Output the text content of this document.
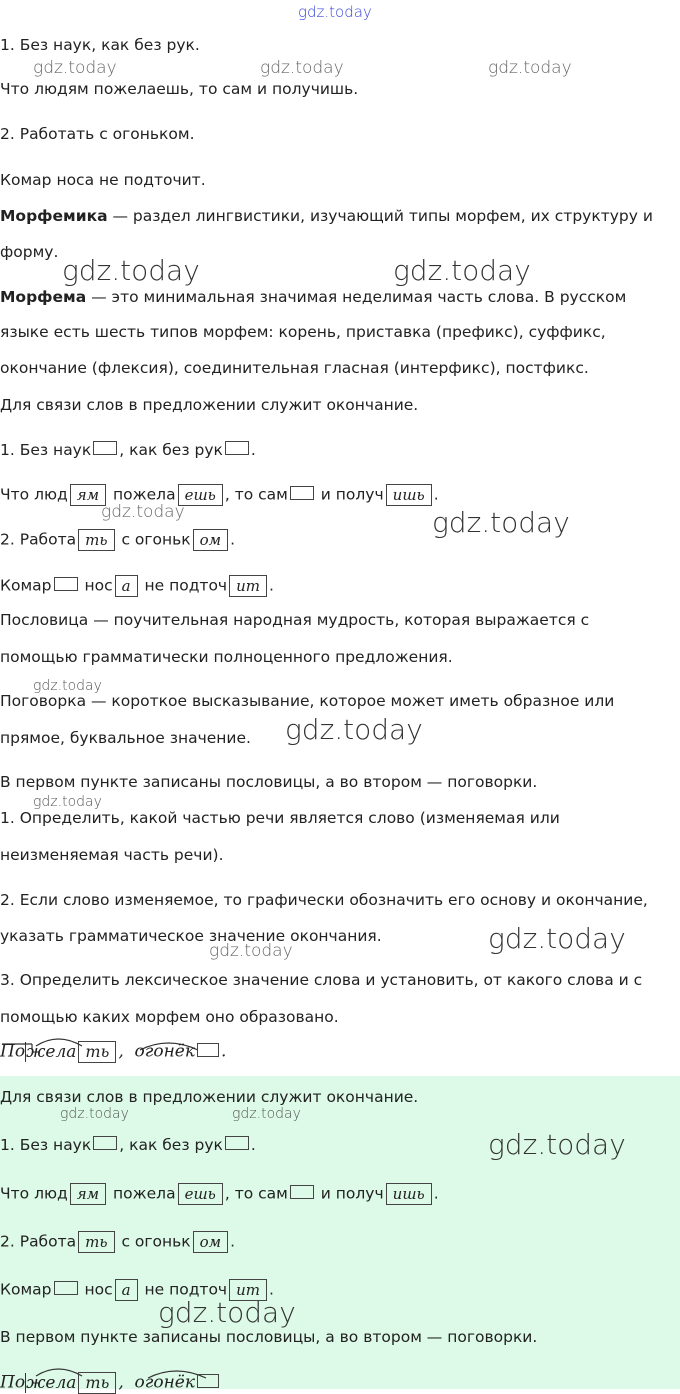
gdz.today
gdz.today	gdz.today	gdz.today
gdz.today	gdz.today
gdz.today	gdz.today
gdz.today
gdz.today
gdz.today
gdz.today
gdz.today
1. Без наук, как без рук.
Что людям пожелаешь, то сам и получишь.
2. Работать с огоньком.
Комар носа не подточит.
Морфемика — раздел лингвистики, изучающий типы морфем, их структуру и
форму.
Морфема — это минимальная значимая неделимая часть слова. В русском
языке есть шесть типов морфем: корень, приставка (префикс), суффикс,
окончание (флексия), соединительная гласная (интерфикс), постфикс.
Для связи слов в предложении служит окончание.
1. Без наук , как без рук .
Что люд ям пожела ешь , то сам и получ ишь .
2. Работа ть с огоньк ом .
Комар нос а не подточ ит .
Пословица — поучительная народная мудрость, которая выражается с
помощью грамматически полноценного предложения.
Поговорка — короткое высказывание, которое может иметь образное или
прямое, буквальное значение.
В первом пункте записаны пословицы, а во втором — поговорки.
1. Определить, какой частью речи является слово (изменяемая или
неизменяемая часть речи).
2. Если слово изменяемое, то графически обозначить его основу и окончание,
указать грамматическое значение окончания.
3. Определить лексическое значение слова и установить, от какого слова и с
помощью каких морфем оно образовано.
Пожела ть , огонёк .
gdz.today	gdz.today
gdz.today
gdz.today
Для связи слов в предложении служит окончание.
1. Без наук , как без рук .
Что люд ям пожела ешь , то сам и получ ишь .
2. Работа ть с огоньк ом .
Комар нос а не подточ ит .
В первом пункте записаны пословицы, а во втором — поговорки.
Пожела ть , огонёк
